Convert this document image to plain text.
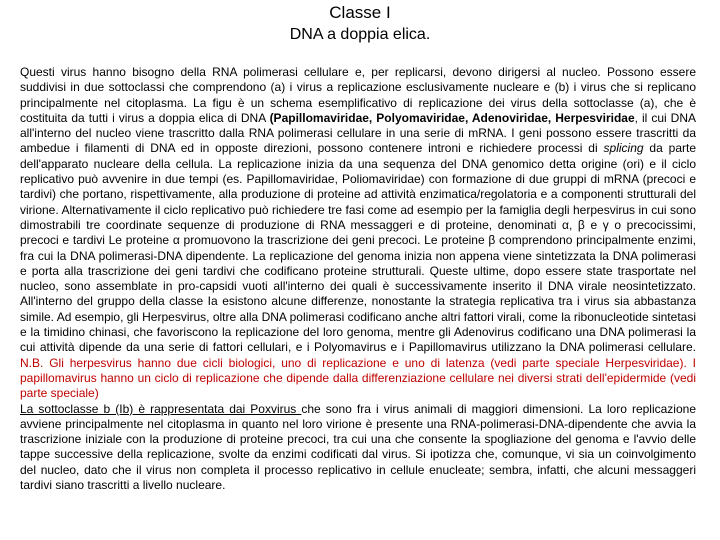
Classe I
DNA a doppia elica.

Questi virus hanno bisogno della RNA polimerasi cellulare e, per replicarsi, devono dirigersi al nucleo. Possono essere suddivisi in due sottoclassi che comprendono (a) i virus a replicazione esclusivamente nucleare e (b) i virus che si replicano principalmente nel citoplasma. La figu è un schema esemplificativo di replicazione dei virus della sottoclasse (a), che è costituita da tutti i virus a doppia elica di DNA (Papillomaviridae, Polyomaviridae, Adenoviridae, Herpesviridae, il cui DNA all'interno del nucleo viene trascritto dalla RNA polimerasi cellulare in una serie di mRNA. I geni possono essere trascritti da ambedue i filamenti di DNA ed in opposte direzioni, possono contenere introni e richiedere processi di splicing da parte dell'apparato nucleare della cellula. La replicazione inizia da una sequenza del DNA genomico detta origine (ori) e il ciclo replicativo può avvenire in due tempi (es. Papillomaviridae, Poliomaviridae) con formazione di due gruppi di mRNA (precoci e tardivi) che portano, rispettivamente, alla produzione di proteine ad attività enzimatica/regolatoria e a componenti strutturali del virione. Alternativamente il ciclo replicativo può richiedere tre fasi come ad esempio per la famiglia degli herpesvirus in cui sono dimostrabili tre coordinate sequenze di produzione di RNA messaggeri e di proteine, denominati α, β e γ o precocissimi, precoci e tardivi Le proteine α promuovono la trascrizione dei geni precoci. Le proteine β comprendono principalmente enzimi, fra cui la DNA polimerasi-DNA dipendente. La replicazione del genoma inizia non appena viene sintetizzata la DNA polimerasi e porta alla trascrizione dei geni tardivi che codificano proteine strutturali. Queste ultime, dopo essere state trasportate nel nucleo, sono assemblate in pro-capsidi vuoti all'interno dei quali è successivamente inserito il DNA virale neosintetizzato. All'interno del gruppo della classe Ia esistono alcune differenze, nonostante la strategia replicativa tra i virus sia abbastanza simile. Ad esempio, gli Herpesvirus, oltre alla DNA polimerasi codificano anche altri fattori virali, come la ribonucleotide sintetasi e la timidino chinasi, che favoriscono la replicazione del loro genoma, mentre gli Adenovirus codificano una DNA polimerasi la cui attività dipende da una serie di fattori cellulari, e i Polyomavirus e i Papillomavirus utilizzano la DNA polimerasi cellulare. N.B. Gli herpesvirus hanno due cicli biologici, uno di replicazione e uno di latenza (vedi parte speciale Herpesviridae). I papillomavirus hanno un ciclo di replicazione che dipende dalla differenziazione cellulare nei diversi strati dell'epidermide (vedi parte speciale)

La sottoclasse b (Ib) è rappresentata dai Poxvirus che sono fra i virus animali di maggiori dimensioni. La loro replicazione avviene principalmente nel citoplasma in quanto nel loro virione è presente una RNA-polimerasi-DNA-dipendente che avvia la trascrizione iniziale con la produzione di proteine precoci, tra cui una che consente la spogliazione del genoma e l'avvio delle tappe successive della replicazione, svolte da enzimi codificati dal virus. Si ipotizza che, comunque, vi sia un coinvolgimento del nucleo, dato che il virus non completa il processo replicativo in cellule enucleate; sembra, infatti, che alcuni messaggeri tardivi siano trascritti a livello nucleare.
